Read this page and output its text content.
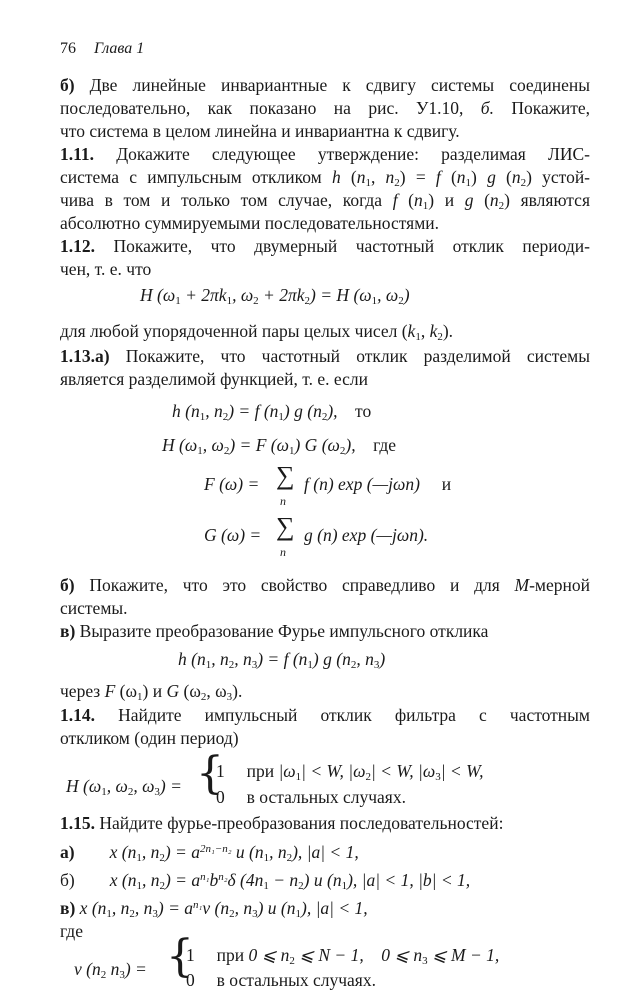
76 Глава 1
б) Две линейные инвариантные к сдвигу системы соединены
последовательно, как показано на рис. У1.10, б. Покажите,
что система в целом линейна и инвариантна к сдвигу.
1.11. Докажите следующее утверждение: разделимая ЛИС-
система с импульсным откликом h ($n_1$, $n_2) = f$ $(n_1)$ g $(n_2)$ устой-
чива в том и только том случае, когда f $(n_1)$ и g $(n_2)$ являются
абсолютно суммируемыми последовательностями.
1.12. Покажите, что двумерный частотный отклик периоди-
чен, т. е. что
H ($\omega_1 + 2\pi k_1$, $\omega_2 + 2\pi k_2) = H$ ($\omega_1$, $\omega_2$)
для любой упорядоченной пары целых чисел ($k_1$, $k_2$).
1.13.а) Покажите, что частотный отклик разделимой системы
является разделимой функцией, т. е. если
h ($n_1$, $n_2) = f$ $(n_1)$ g $(n_2)$,    то
H ($\omega_1$, $\omega_2) = F$ $(\omega_1)$ G $(\omega_2)$,    где
F (ω) = ∑
n
f (n) exp (—jωn)     и
G (ω) = ∑
n
g (n) exp (—jωn).
б) Покажите, что это свойство справедливо и для М-мерной
системы.
в) Выразите преобразование Фурье импульсного отклика
h ($n_1$, $n_2$, $n_3) = f$ $(n_1)$ g ($n_2$, $n_3$)
через F $(\omega_1)$ и G ($\omega_2$, $\omega_3$).
1.14. Найдите импульсный отклик фильтра с частотным
откликом (один период)
H ($\omega_1$, $\omega_2$, $\omega_3$) = {
1     при $|\omega_1| < W$, $|\omega_2| < W$, $|\omega_3| < W$,
0     в остальных случаях.
1.15. Найдите фурье-преобразования последовательностей:
а) x ($n_1$, $n_2) = a^{2n_1-n_2}$ u ($n_1$, $n_2$), |a| < 1,
б) x ($n_1$, $n_2) = a^{n_1}b^{n_2}\delta$ $(4n_1 - n_2)$ u $(n_1)$, |a| < 1, |b| < 1,
в) x ($n_1$, $n_2$, $n_3) = a^{n_1}v$ ($n_2$, $n_3$) u $(n_1)$, |a| < 1,
где
v ($n_2$ $n_3$) = {
1     при 0 ⩽ $n_2$ ⩽ N − 1,    0 ⩽ $n_3$ ⩽ M − 1,
0     в остальных случаях.
